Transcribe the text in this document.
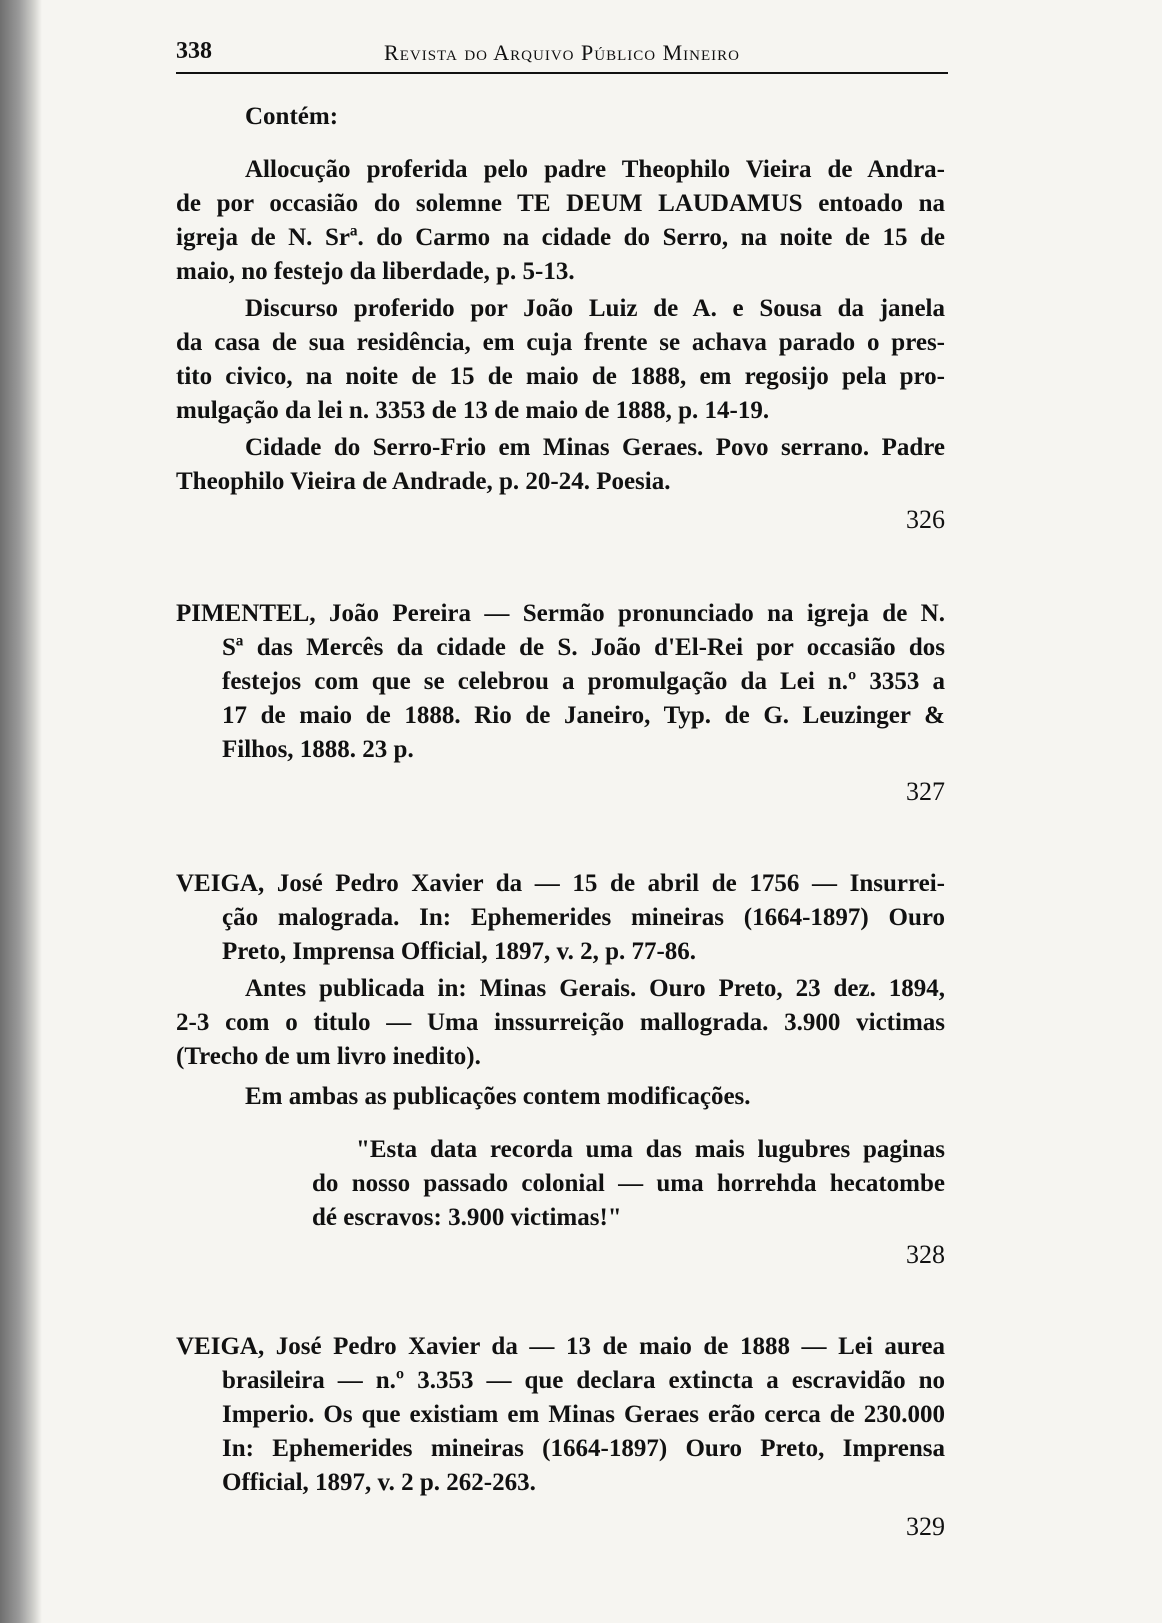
338	Revista do Arquivo Público Mineiro
Contém:
Allocução proferida pelo padre Theophilo Vieira de Andra-
de por occasião do solemne TE DEUM LAUDAMUS entoado na
igreja de N. Srª. do Carmo na cidade do Serro, na noite de 15 de
maio, no festejo da liberdade, p. 5-13.
Discurso proferido por João Luiz de A. e Sousa da janela
da casa de sua residência, em cuja frente se achava parado o pres-
tito civico, na noite de 15 de maio de 1888, em regosijo pela pro-
mulgação da lei n. 3353 de 13 de maio de 1888, p. 14-19.
Cidade do Serro-Frio em Minas Geraes. Povo serrano. Padre
Theophilo Vieira de Andrade, p. 20-24. Poesia.
326
PIMENTEL, João Pereira — Sermão pronunciado na igreja de N.
Sª das Mercês da cidade de S. João d'El-Rei por occasião dos
festejos com que se celebrou a promulgação da Lei n.º 3353 a
17 de maio de 1888. Rio de Janeiro, Typ. de G. Leuzinger &
Filhos, 1888. 23 p.
327
VEIGA, José Pedro Xavier da — 15 de abril de 1756 — Insurrei-
ção malograda. In: Ephemerides mineiras (1664-1897) Ouro
Preto, Imprensa Official, 1897, v. 2, p. 77-86.
Antes publicada in: Minas Gerais. Ouro Preto, 23 dez. 1894,
2-3 com o titulo — Uma inssurreição mallograda. 3.900 victimas
(Trecho de um livro inedito).
Em ambas as publicações contem modificações.
"Esta data recorda uma das mais lugubres paginas
do nosso passado colonial — uma horrehda hecatombe
dé escravos: 3.900 victimas!"
328
VEIGA, José Pedro Xavier da — 13 de maio de 1888 — Lei aurea
brasileira — n.º 3.353 — que declara extincta a escravidão no
Imperio. Os que existiam em Minas Geraes erão cerca de 230.000
In: Ephemerides mineiras (1664-1897) Ouro Preto, Imprensa
Official, 1897, v. 2 p. 262-263.
329
